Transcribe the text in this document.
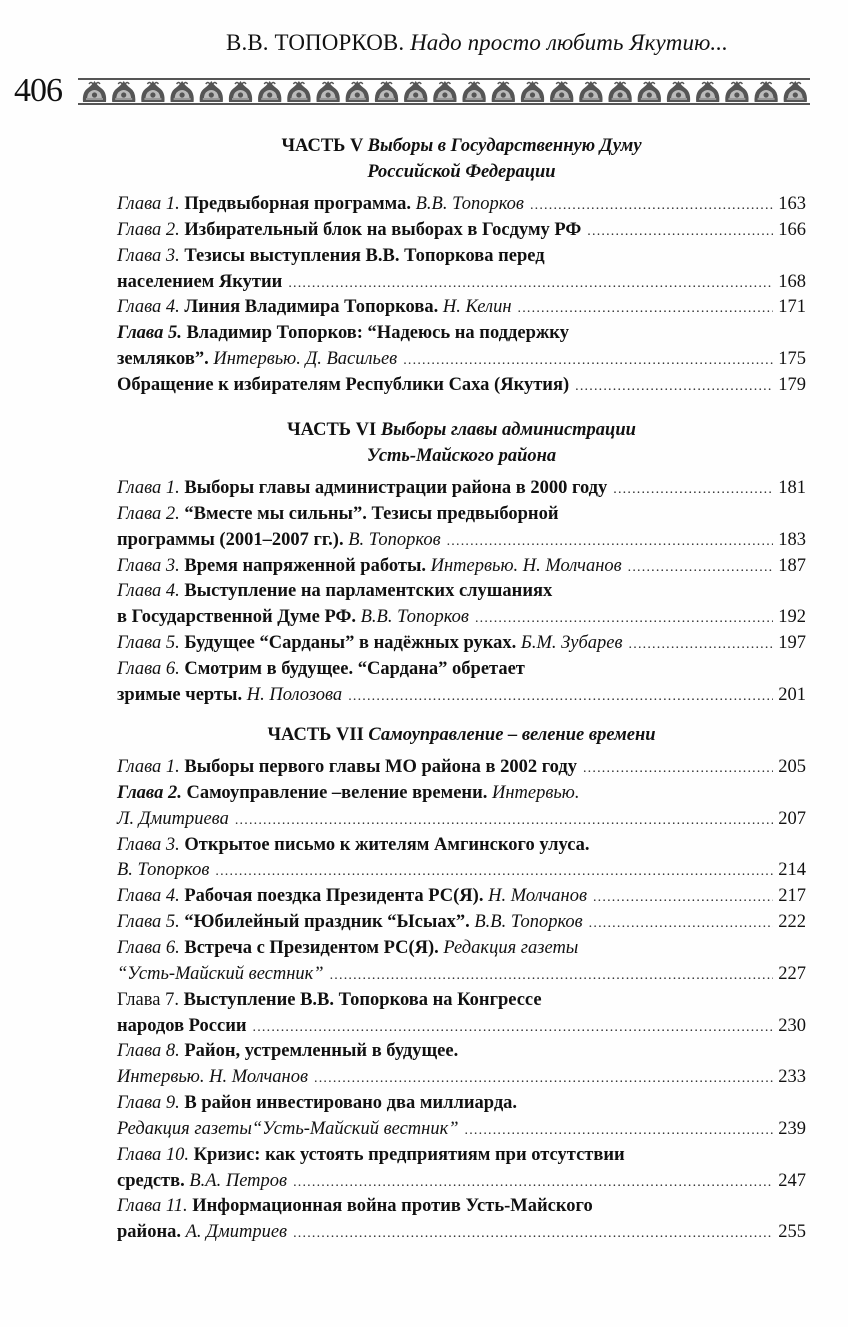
В.В. ТОПОРКОВ. Надо просто любить Якутию...
406
ЧАСТЬ V Выборы в Государственную Думу
Российской Федерации
Глава 1.
Предвыборная программа.
В.В. Топорков .....	163
Глава 2.
Избирательный блок на выборах в Госдуму РФ .....	166
Глава 3.
Тезисы выступления В.В. Топоркова перед
населением Якутии .....	168
Глава 4.
Линия Владимира Топоркова.
Н. Келин .....	171
Глава 5.
Владимир Топорков: “Надеюсь на поддержку
земляков”.
Интервью. Д. Васильев .....	175
Обращение к избирателям Республики Саха (Якутия) .....	179
ЧАСТЬ VI Выборы главы администрации
Усть-Майского района
Глава 1.
Выборы главы администрации района в 2000 году .....	181
Глава 2.
“Вместе мы сильны”. Тезисы предвыборной
программы (2001–2007 гг.).
В. Топорков .....	183
Глава 3.
Время напряженной работы.
Интервью. Н. Молчанов .....	187
Глава 4.
Выступление на парламентских слушаниях
в Государственной Думе РФ.
В.В. Топорков .....	192
Глава 5.
Будущее “Сарданы” в надёжных руках.
Б.М. Зубарев .....	197
Глава 6.
Смотрим в будущее. “Сардана” обретает
зримые черты.
Н. Полозова .....	201
ЧАСТЬ VII Самоуправление – веление времени
Глава 1.
Выборы первого главы МО района в 2002 году .....	205
Глава 2.
Самоуправление –веление времени.
Интервью.
Л. Дмитриева .....	207
Глава 3.
Открытое письмо к жителям Амгинского улуса.
В. Топорков .....	214
Глава 4.
Рабочая поездка Президента РС(Я).
Н. Молчанов .....	217
Глава 5.
“Юбилейный праздник “Ысыах”.
В.В. Топорков .....	222
Глава 6.
Встреча с Президентом РС(Я).
Редакция газеты
“Усть-Майский вестник” .....	227
Глава 7.
Выступление В.В. Топоркова на Конгрессе
народов России .....	230
Глава 8.
Район, устремленный в будущее.
Интервью. Н. Молчанов .....	233
Глава 9.
В район инвестировано два миллиарда.
Редакция газеты“Усть-Майский вестник” .....	239
Глава 10.
Кризис: как устоять предприятиям при отсутствии
средств.
В.А. Петров .....	247
Глава 11.
Информационная война против Усть-Майского
района.
А. Дмитриев .....	255
